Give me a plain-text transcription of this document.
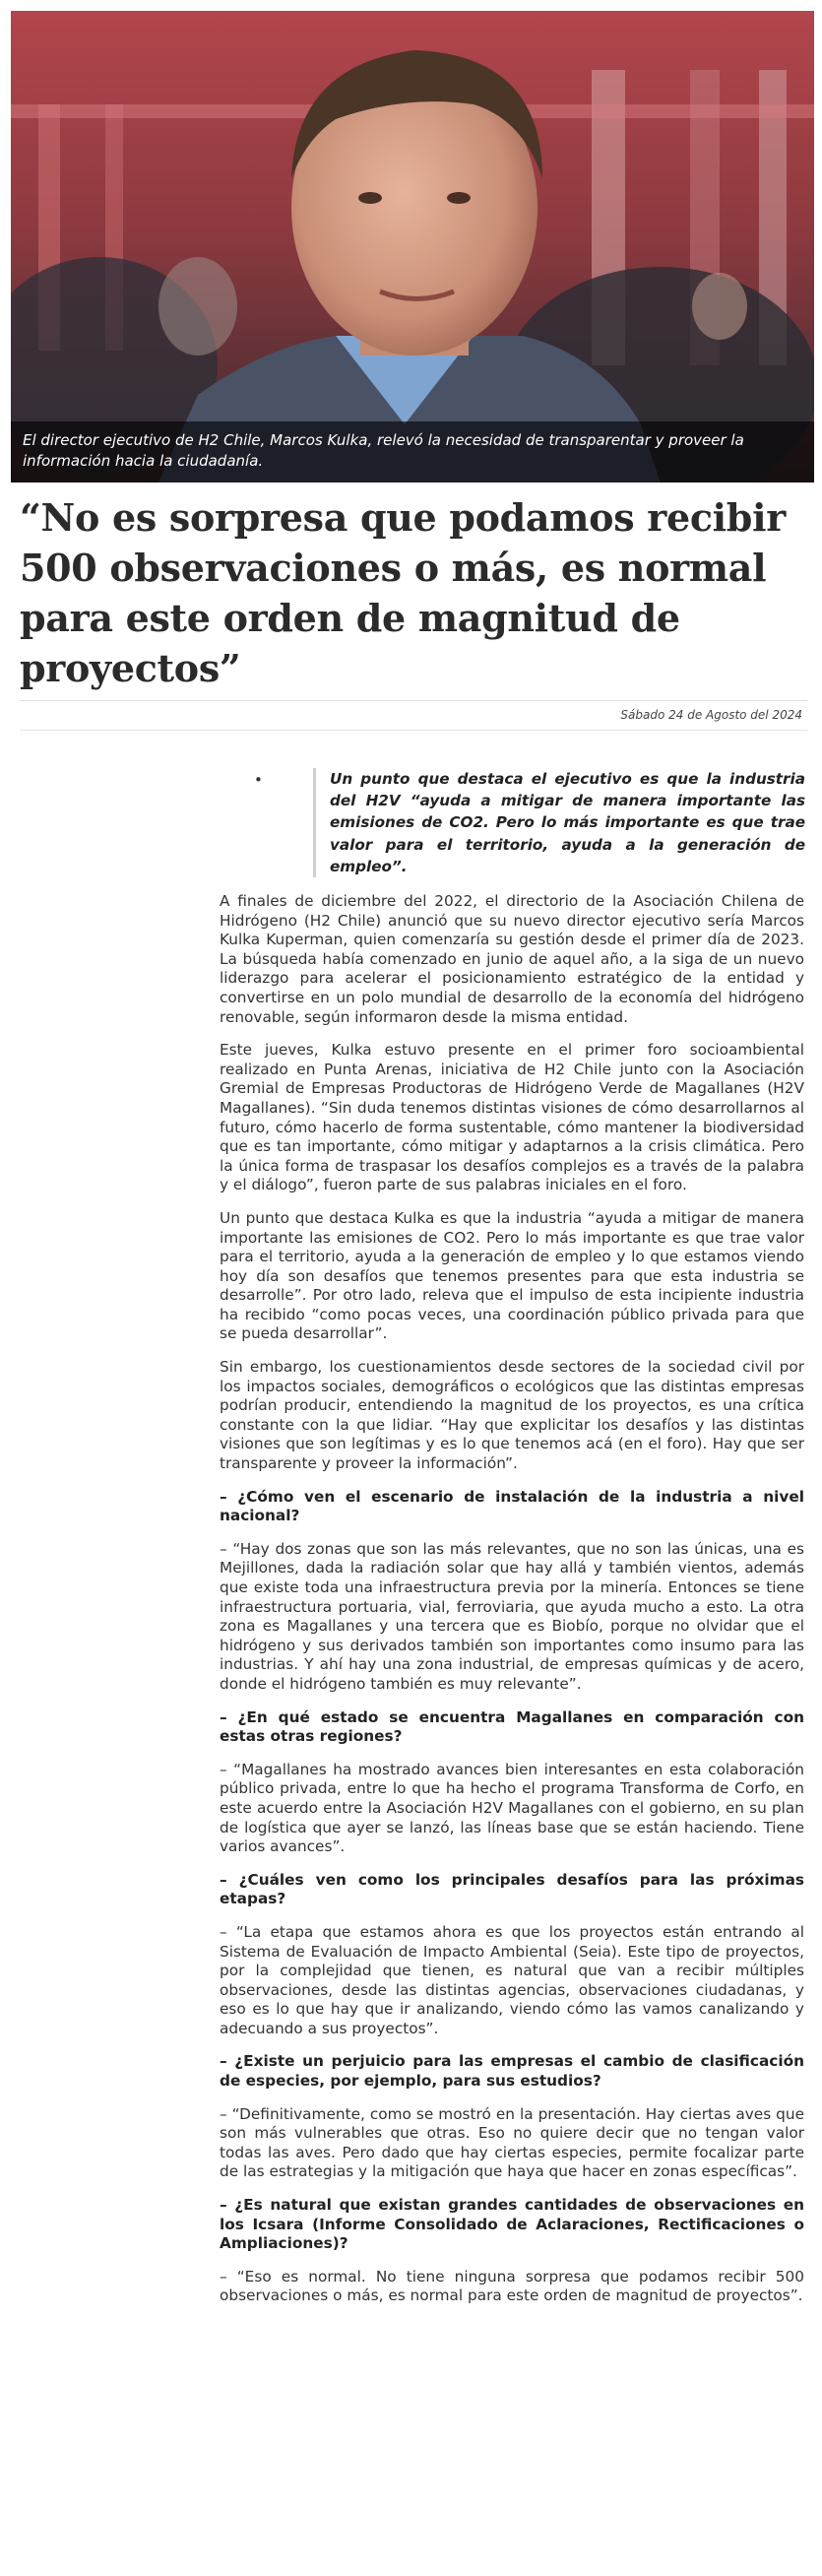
El director ejecutivo de H2 Chile, Marcos Kulka, relevó la necesidad de transparentar y proveer la información hacia la ciudadanía.
“No es sorpresa que podamos recibir 500 observaciones o más, es normal para este orden de magnitud de proyectos”
Sábado 24 de Agosto del 2024
•	Un punto que destaca el ejecutivo es que la industria del H2V “ayuda a mitigar de manera importante las emisiones de CO2. Pero lo más importante es que trae valor para el territorio, ayuda a la generación de empleo”.

A finales de diciembre del 2022, el directorio de la Asociación Chilena de Hidrógeno (H2 Chile) anunció que su nuevo director ejecutivo sería Marcos Kulka Kuperman, quien comenzaría su gestión desde el primer día de 2023. La búsqueda había comenzado en junio de aquel año, a la siga de un nuevo liderazgo para acelerar el posicionamiento estratégico de la entidad y convertirse en un polo mundial de desarrollo de la economía del hidrógeno renovable, según informaron desde la misma entidad.

Este jueves, Kulka estuvo presente en el primer foro socioambiental realizado en Punta Arenas, iniciativa de H2 Chile junto con la Asociación Gremial de Empresas Productoras de Hidrógeno Verde de Magallanes (H2V Magallanes). “Sin duda tenemos distintas visiones de cómo desarrollarnos al futuro, cómo hacerlo de forma sustentable, cómo mantener la biodiversidad que es tan importante, cómo mitigar y adaptarnos a la crisis climática. Pero la única forma de traspasar los desafíos complejos es a través de la palabra y el diálogo”, fueron parte de sus palabras iniciales en el foro.

Un punto que destaca Kulka es que la industria “ayuda a mitigar de manera importante las emisiones de CO2. Pero lo más importante es que trae valor para el territorio, ayuda a la generación de empleo y lo que estamos viendo hoy día son desafíos que tenemos presentes para que esta industria se desarrolle”. Por otro lado, releva que el impulso de esta incipiente industria ha recibido “como pocas veces, una coordinación público privada para que se pueda desarrollar”.

Sin embargo, los cuestionamientos desde sectores de la sociedad civil por los impactos sociales, demográficos o ecológicos que las distintas empresas podrían producir, entendiendo la magnitud de los proyectos, es una crítica constante con la que lidiar. “Hay que explicitar los desafíos y las distintas visiones que son legítimas y es lo que tenemos acá (en el foro). Hay que ser transparente y proveer la información”.

– ¿Cómo ven el escenario de instalación de la industria a nivel nacional?

– “Hay dos zonas que son las más relevantes, que no son las únicas, una es Mejillones, dada la radiación solar que hay allá y también vientos, además que existe toda una infraestructura previa por la minería. Entonces se tiene infraestructura portuaria, vial, ferroviaria, que ayuda mucho a esto. La otra zona es Magallanes y una tercera que es Biobío, porque no olvidar que el hidrógeno y sus derivados también son importantes como insumo para las industrias. Y ahí hay una zona industrial, de empresas químicas y de acero, donde el hidrógeno también es muy relevante”.

– ¿En qué estado se encuentra Magallanes en comparación con estas otras regiones?

– “Magallanes ha mostrado avances bien interesantes en esta colaboración público privada, entre lo que ha hecho el programa Transforma de Corfo, en este acuerdo entre la Asociación H2V Magallanes con el gobierno, en su plan de logística que ayer se lanzó, las líneas base que se están haciendo. Tiene varios avances”.

– ¿Cuáles ven como los principales desafíos para las próximas etapas?

– “La etapa que estamos ahora es que los proyectos están entrando al Sistema de Evaluación de Impacto Ambiental (Seia). Este tipo de proyectos, por la complejidad que tienen, es natural que van a recibir múltiples observaciones, desde las distintas agencias, observaciones ciudadanas, y eso es lo que hay que ir analizando, viendo cómo las vamos canalizando y adecuando a sus proyectos”.

– ¿Existe un perjuicio para las empresas el cambio de clasificación de especies, por ejemplo, para sus estudios?

– “Definitivamente, como se mostró en la presentación. Hay ciertas aves que son más vulnerables que otras. Eso no quiere decir que no tengan valor todas las aves. Pero dado que hay ciertas especies, permite focalizar parte de las estrategias y la mitigación que haya que hacer en zonas específicas”.

– ¿Es natural que existan grandes cantidades de observaciones en los Icsara (Informe Consolidado de Aclaraciones, Rectificaciones o Ampliaciones)?

– “Eso es normal. No tiene ninguna sorpresa que podamos recibir 500 observaciones o más, es normal para este orden de magnitud de proyectos”.
